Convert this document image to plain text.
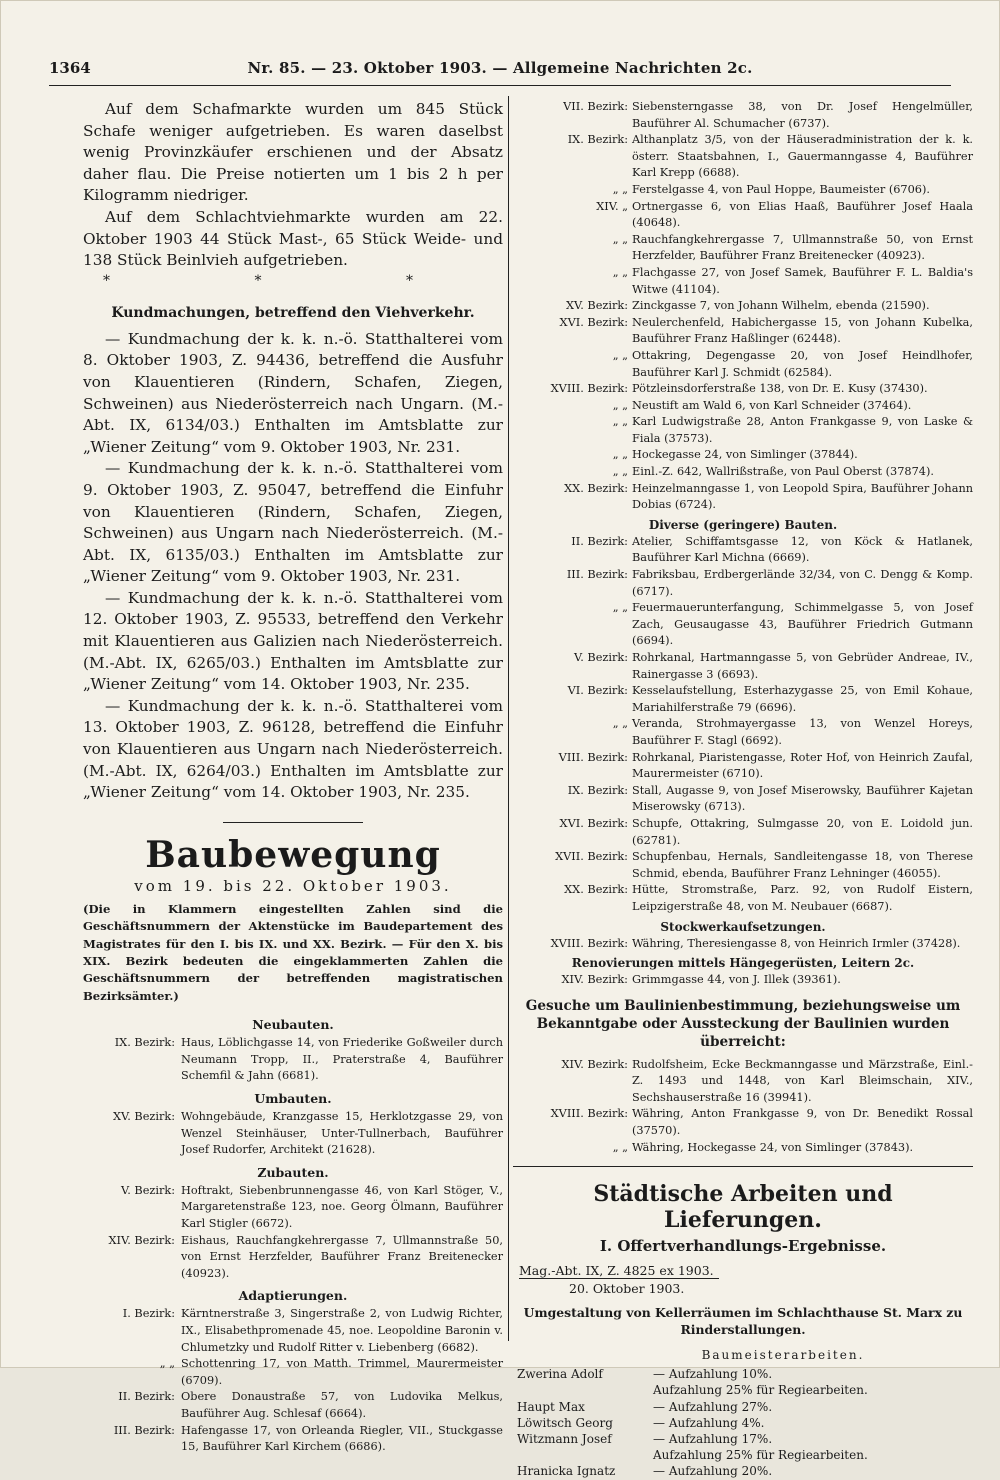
1364	Nr. 85. — 23. Oktober 1903. — Allgemeine Nachrichten 2c.

Auf dem Schafmarkte wurden um 845 Stück Schafe weniger aufgetrieben. Es waren daselbst wenig Provinzkäufer erschienen und der Absatz daher flau. Die Preise notierten um 1 bis 2 h per Kilogramm niedriger.

Auf dem Schlachtviehmarkte wurden am 22. Oktober 1903 44 Stück Mast-, 65 Stück Weide- und 138 Stück Beinlvieh aufgetrieben.

* * *
Kundmachungen, betreffend den Viehverkehr.

— Kundmachung der k. k. n.-ö. Statthalterei vom 8. Oktober 1903, Z. 94436, betreffend die Ausfuhr von Klauentieren (Rindern, Schafen, Ziegen, Schweinen) aus Niederösterreich nach Ungarn. (M.-Abt. IX, 6134/03.) Enthalten im Amtsblatte zur „Wiener Zeitung“ vom 9. Oktober 1903, Nr. 231.

— Kundmachung der k. k. n.-ö. Statthalterei vom 9. Oktober 1903, Z. 95047, betreffend die Einfuhr von Klauentieren (Rindern, Schafen, Ziegen, Schweinen) aus Ungarn nach Niederösterreich. (M.-Abt. IX, 6135/03.) Enthalten im Amtsblatte zur „Wiener Zeitung“ vom 9. Oktober 1903, Nr. 231.

— Kundmachung der k. k. n.-ö. Statthalterei vom 12. Oktober 1903, Z. 95533, betreffend den Verkehr mit Klauentieren aus Galizien nach Niederösterreich. (M.-Abt. IX, 6265/03.) Enthalten im Amtsblatte zur „Wiener Zeitung“ vom 14. Oktober 1903, Nr. 235.

— Kundmachung der k. k. n.-ö. Statthalterei vom 13. Oktober 1903, Z. 96128, betreffend die Einfuhr von Klauentieren aus Ungarn nach Niederösterreich. (M.-Abt. IX, 6264/03.) Enthalten im Amtsblatte zur „Wiener Zeitung“ vom 14. Oktober 1903, Nr. 235.

Baubewegung
vom 19. bis 22. Oktober 1903.

(Die in Klammern eingestellten Zahlen sind die Geschäftsnummern der Aktenstücke im Baudepartement des Magistrates für den I. bis IX. und XX. Bezirk. — Für den X. bis XIX. Bezirk bedeuten die eingeklammerten Zahlen die Geschäftsnummern der betreffenden magistratischen Bezirksämter.)

Neubauten.
IX. Bezirk: Haus, Löblichgasse 14, von Friederike Goßweiler durch Neumann Tropp, II., Praterstraße 4, Bauführer Schemfil & Jahn (6681).
Umbauten.
XV. Bezirk: Wohngebäude, Kranzgasse 15, Herklotzgasse 29, von Wenzel Steinhäuser, Unter-Tullnerbach, Bauführer Josef Rudorfer, Architekt (21628).
Zubauten.
V. Bezirk: Hoftrakt, Siebenbrunnengasse 46, von Karl Stöger, V., Margaretenstraße 123, noe. Georg Ölmann, Bauführer Karl Stigler (6672).
XIV. Bezirk: Eishaus, Rauchfangkehrergasse 7, Ullmannstraße 50, von Ernst Herzfelder, Bauführer Franz Breitenecker (40923).
Adaptierungen.
I. Bezirk: Kärntnerstraße 3, Singerstraße 2, von Ludwig Richter, IX., Elisabethpromenade 45, noe. Leopoldine Baronin v. Chlumetzky und Rudolf Ritter v. Liebenberg (6682).
„ „ Schottenring 17, von Matth. Trimmel, Maurermeister (6709).
II. Bezirk: Obere Donaustraße 57, von Ludovika Melkus, Bauführer Aug. Schlesaf (6664).
III. Bezirk: Hafengasse 17, von Orleanda Riegler, VII., Stuckgasse 15, Bauführer Karl Kirchem (6686).
VII. Bezirk: Siebensterngasse 38, von Dr. Josef Hengelmüller, Bauführer Al. Schumacher (6737).
IX. Bezirk: Althanplatz 3/5, von der Häuseradministration der k. k. österr. Staatsbahnen, I., Gauermanngasse 4, Bauführer Karl Krepp (6688).
„ „ Ferstelgasse 4, von Paul Hoppe, Baumeister (6706).
XIV. „ Ortnergasse 6, von Elias Haaß, Bauführer Josef Haala (40648).
„ „ Rauchfangkehrergasse 7, Ullmannstraße 50, von Ernst Herzfelder, Bauführer Franz Breitenecker (40923).
„ „ Flachgasse 27, von Josef Samek, Bauführer F. L. Baldia's Witwe (41104).
XV. Bezirk: Zinckgasse 7, von Johann Wilhelm, ebenda (21590).
XVI. Bezirk: Neulerchenfeld, Habichergasse 15, von Johann Kubelka, Bauführer Franz Haßlinger (62448).
„ „ Ottakring, Degengasse 20, von Josef Heindlhofer, Bauführer Karl J. Schmidt (62584).
XVIII. Bezirk: Pötzleinsdorferstraße 138, von Dr. E. Kusy (37430).
„ „ Neustift am Wald 6, von Karl Schneider (37464).
„ „ Karl Ludwigstraße 28, Anton Frankgasse 9, von Laske & Fiala (37573).
„ „ Hockegasse 24, von Simlinger (37844).
„ „ Einl.-Z. 642, Wallrißstraße, von Paul Oberst (37874).
XX. Bezirk: Heinzelmanngasse 1, von Leopold Spira, Bauführer Johann Dobias (6724).
Diverse (geringere) Bauten.
II. Bezirk: Atelier, Schiffamtsgasse 12, von Köck & Hatlanek, Bauführer Karl Michna (6669).
III. Bezirk: Fabriksbau, Erdbergerlände 32/34, von C. Dengg & Komp. (6717).
„ „ Feuermauerunterfangung, Schimmelgasse 5, von Josef Zach, Geusaugasse 43, Bauführer Friedrich Gutmann (6694).
V. Bezirk: Rohrkanal, Hartmanngasse 5, von Gebrüder Andreae, IV., Rainergasse 3 (6693).
VI. Bezirk: Kesselaufstellung, Esterhazygasse 25, von Emil Kohaue, Mariahilferstraße 79 (6696).
„ „ Veranda, Strohmayergasse 13, von Wenzel Horeys, Bauführer F. Stagl (6692).
VIII. Bezirk: Rohrkanal, Piaristengasse, Roter Hof, von Heinrich Zaufal, Maurermeister (6710).
IX. Bezirk: Stall, Augasse 9, von Josef Miserowsky, Bauführer Kajetan Miserowsky (6713).
XVI. Bezirk: Schupfe, Ottakring, Sulmgasse 20, von E. Loidold jun. (62781).
XVII. Bezirk: Schupfenbau, Hernals, Sandleitengasse 18, von Therese Schmid, ebenda, Bauführer Franz Lehninger (46055).
XX. Bezirk: Hütte, Stromstraße, Parz. 92, von Rudolf Eistern, Leipzigerstraße 48, von M. Neubauer (6687).
Stockwerkaufsetzungen.
XVIII. Bezirk: Währing, Theresiengasse 8, von Heinrich Irmler (37428).
Renovierungen mittels Hängegerüsten, Leitern 2c.
XIV. Bezirk: Grimmgasse 44, von J. Illek (39361).
Gesuche um Baulinienbestimmung, beziehungsweise um Bekanntgabe oder Aussteckung der Baulinien wurden überreicht:
XIV. Bezirk: Rudolfsheim, Ecke Beckmanngasse und Märzstraße, Einl.-Z. 1493 und 1448, von Karl Bleimschain, XIV., Sechshauserstraße 16 (39941).
XVIII. Bezirk: Währing, Anton Frankgasse 9, von Dr. Benedikt Rossal (37570).
„ „ Währing, Hockegasse 24, von Simlinger (37843).
Städtische Arbeiten und Lieferungen.
I. Offertverhandlungs-Ergebnisse.
Mag.-Abt. IX, Z. 4825 ex 1903.
20. Oktober 1903.
Umgestaltung von Kellerräumen im Schlachthause St. Marx zu Rinderstallungen.
Baumeisterarbeiten.
Zwerina Adolf	— Aufzahlung 10%.
Aufzahlung 25% für Regiearbeiten.
Haupt Max	— Aufzahlung 27%.
Löwitsch Georg	— Aufzahlung 4%.
Witzmann Josef	— Aufzahlung 17%.
Aufzahlung 25% für Regiearbeiten.
Hranicka Ignatz	— Aufzahlung 20%.
